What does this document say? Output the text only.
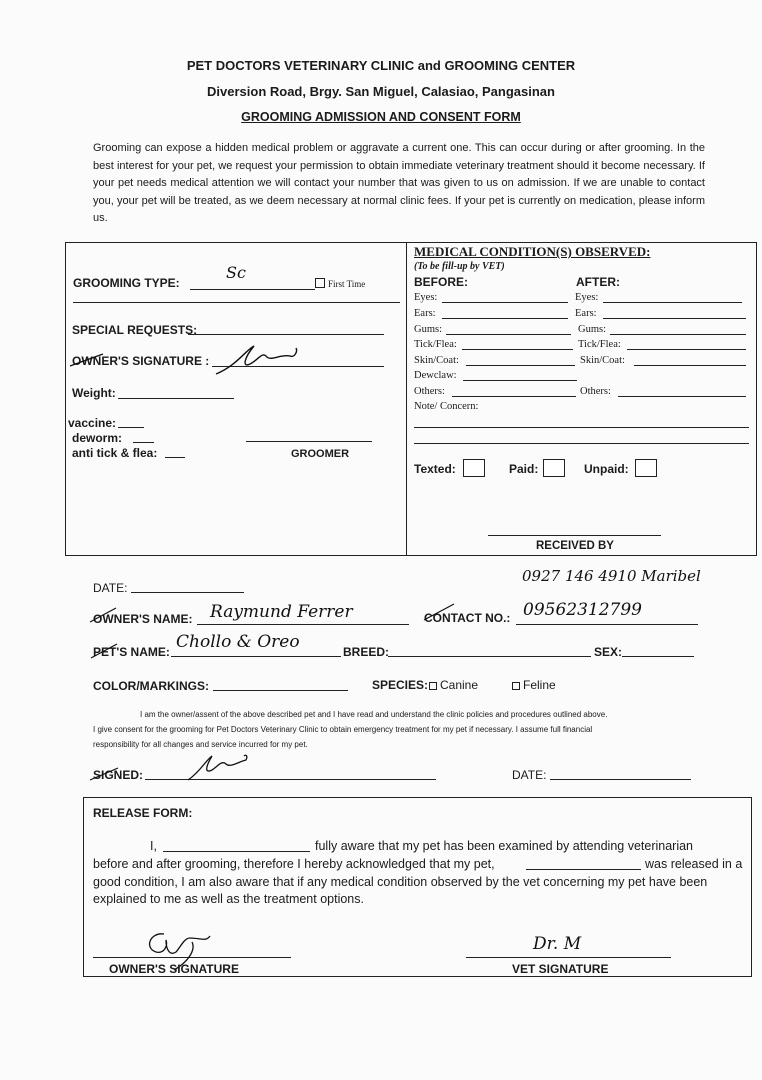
PET DOCTORS VETERINARY CLINIC and GROOMING CENTER
Diversion Road, Brgy. San Miguel, Calasiao, Pangasinan
GROOMING ADMISSION AND CONSENT FORM
Grooming can expose a hidden medical problem or aggravate a current one. This can occur during or after grooming. In the best interest for your pet, we request your permission to obtain immediate veterinary treatment should it become necessary. If your pet needs medical attention we will contact your number that was given to us on admission. If we are unable to contact you, your pet will be treated, as we deem necessary at normal clinic fees. If your pet is currently on medication, please inform us.
GROOMING TYPE:
Sc
First Time
SPECIAL REQUESTS:
OWNER'S SIGNATURE :
Weight:
vaccine:
deworm:
anti tick & flea:	GROOMER
MEDICAL CONDITION(S) OBSERVED:
(To be fill-up by VET)
BEFORE:	AFTER:
Eyes:	Eyes:
Ears:	Ears:
Gums:	Gums:
Tick/Flea:	Tick/Flea:
Skin/Coat:	Skin/Coat:
Dewclaw:
Others:	Others:
Note/ Concern:
Texted:	Paid:	Unpaid:
RECEIVED BY
DATE:
0927 146 4910 Maribel
OWNER'S NAME: Raymund Ferrer	CONTACT NO.: 09562312799
PET'S NAME: Chollo & Oreo	BREED:	SEX:
COLOR/MARKINGS:	SPECIES: Canine	Feline
I am the owner/assent of the above described pet and I have read and understand the clinic policies and procedures outlined above.
I give consent for the grooming for Pet Doctors Veterinary Clinic to obtain emergency treatment for my pet if necessary. I assume full financial
responsibility for all changes and service incurred for my pet.
SIGNED:	DATE:
RELEASE FORM:
I,	fully aware that my pet has been examined by attending veterinarian
before and after grooming, therefore I hereby acknowledged that my pet,	was released in a
good condition, I am also aware that if any medical condition observed by the vet concerning my pet have been
explained to me as well as the treatment options.
OWNER'S SIGNATURE
Dr. M
VET SIGNATURE
